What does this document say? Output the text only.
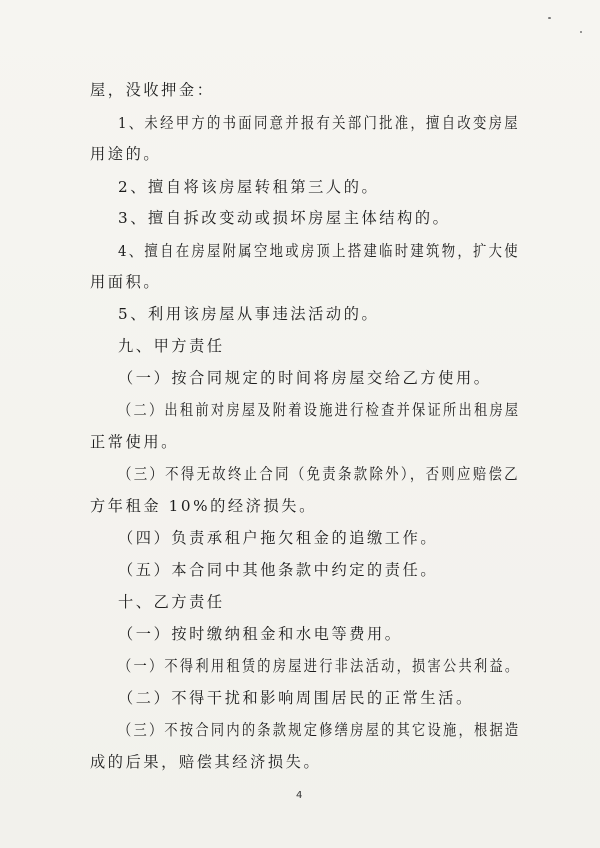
屋，没收押金：
1、未经甲方的书面同意并报有关部门批准，擅自改变房屋
用途的。
2、擅自将该房屋转租第三人的。
3、擅自拆改变动或损坏房屋主体结构的。
4、擅自在房屋附属空地或房顶上搭建临时建筑物，扩大使
用面积。
5、利用该房屋从事违法活动的。
九、甲方责任
（一）按合同规定的时间将房屋交给乙方使用。
（二）出租前对房屋及附着设施进行检查并保证所出租房屋
正常使用。
（三）不得无故终止合同（免责条款除外），否则应赔偿乙
方年租金 10%的经济损失。
（四）负责承租户拖欠租金的追缴工作。
（五）本合同中其他条款中约定的责任。
十、乙方责任
（一）按时缴纳租金和水电等费用。
（一）不得利用租赁的房屋进行非法活动，损害公共利益。
（二）不得干扰和影响周围居民的正常生活。
（三）不按合同内的条款规定修缮房屋的其它设施，根据造
成的后果，赔偿其经济损失。
4
